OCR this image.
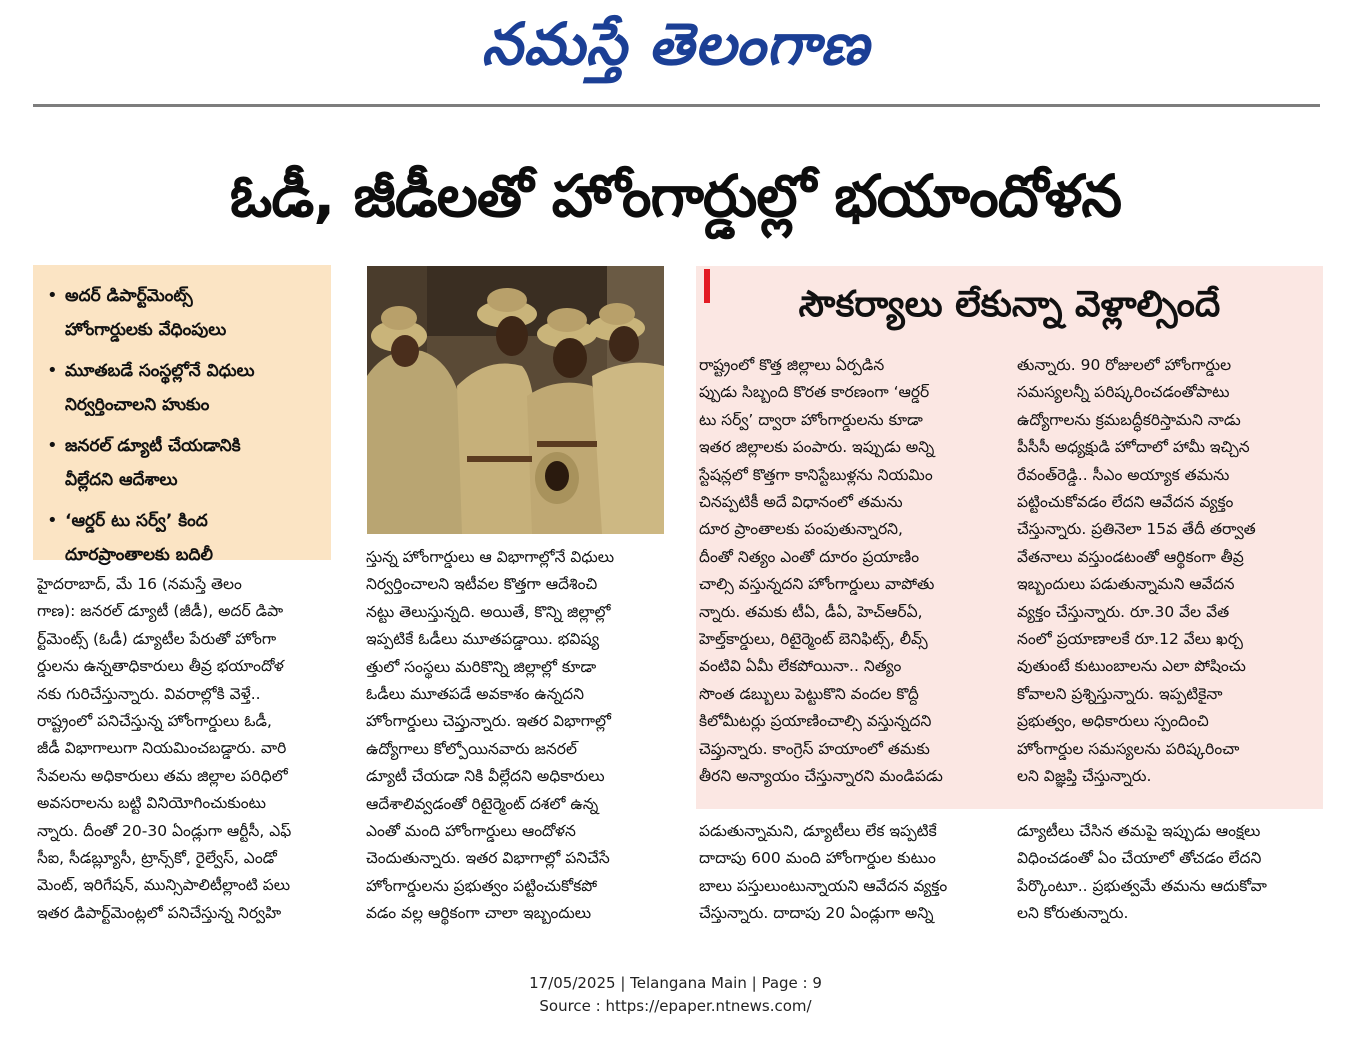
నమస్తే తెలంగాణ
ఓడీ, జీడీలతో హోంగార్డుల్లో భయాందోళన
• అదర్ డిపార్ట్‌మెంట్స్
హోంగార్డులకు వేధింపులు
• మూతబడే సంస్థల్లోనే విధులు
నిర్వర్తించాలని హుకుం
• జనరల్ డ్యూటీ చేయడానికి
వీల్లేదని ఆదేశాలు
• ‘ఆర్డర్ టు సర్వ్’ కింద
దూరప్రాంతాలకు బదిలీ
సౌకర్యాలు లేకున్నా వెళ్లాల్సిందే
హైదరాబాద్, మే 16 (నమస్తే తెలం
గాణ): జనరల్ డ్యూటీ (జీడీ), అదర్ డిపా
ర్ట్‌మెంట్స్ (ఓడీ) డ్యూటీల పేరుతో హోంగా
ర్డులను ఉన్నతాధికారులు తీవ్ర భయాందోళ
నకు గురిచేస్తున్నారు. వివరాల్లోకి వెళ్తే..
రాష్ట్రంలో పనిచేస్తున్న హోంగార్డులు ఓడీ,
జీడీ విభాగాలుగా నియమించబడ్డారు. వారి
సేవలను అధికారులు తమ జిల్లాల పరిధిలో
అవసరాలను బట్టి వినియోగించుకుంటు
న్నారు. దీంతో 20-30 ఏండ్లుగా ఆర్టీసీ, ఎఫ్
సీఐ, సీడబ్ల్యూసీ, ట్రాన్స్‌కో, రైల్వేస్, ఎండో
మెంట్, ఇరిగేషన్, మున్సిపాలిటీల్లాంటి పలు
ఇతర డిపార్ట్‌మెంట్లలో పనిచేస్తున్న నిర్వహి
స్తున్న హోంగార్డులు ఆ విభాగాల్లోనే విధులు
నిర్వర్తించాలని ఇటీవల కొత్తగా ఆదేశించి
నట్టు తెలుస్తున్నది. అయితే, కొన్ని జిల్లాల్లో
ఇప్పటికే ఓడీలు మూతపడ్డాయి. భవిష్య
త్తులో సంస్థలు మరికొన్ని జిల్లాల్లో కూడా
ఓడీలు మూతపడే అవకాశం ఉన్నదని
హోంగార్డులు చెప్తున్నారు. ఇతర విభాగాల్లో
ఉద్యోగాలు కోల్పోయినవారు జనరల్
డ్యూటీ చేయడా నికి వీల్లేదని అధికారులు
ఆదేశాలివ్వడంతో రిటైర్మెంట్ దశలో ఉన్న
ఎంతో మంది హోంగార్డులు ఆందోళన
చెందుతున్నారు. ఇతర విభాగాల్లో పనిచేసే
హోంగార్డులను ప్రభుత్వం పట్టించుకోకపో
వడం వల్ల ఆర్థికంగా చాలా ఇబ్బందులు
రాష్ట్రంలో కొత్త జిల్లాలు ఏర్పడిన
ప్పుడు సిబ్బంది కొరత కారణంగా ‘ఆర్డర్
టు సర్వ్’ ద్వారా హోంగార్డులను కూడా
ఇతర జిల్లాలకు పంపారు. ఇప్పుడు అన్ని
స్టేషన్లలో కొత్తగా కానిస్టేబుళ్లను నియమిం
చినప్పటికీ అదే విధానంలో తమను
దూర ప్రాంతాలకు పంపుతున్నారని,
దీంతో నిత్యం ఎంతో దూరం ప్రయాణిం
చాల్సి వస్తున్నదని హోంగార్డులు వాపోతు
న్నారు. తమకు టీఏ, డీఏ, హెచ్‌ఆర్‌ఏ,
హెల్త్‌కార్డులు, రిటైర్మెంట్ బెనిఫిట్స్, లీవ్స్
వంటివి ఏమీ లేకపోయినా.. నిత్యం
సొంత డబ్బులు పెట్టుకొని వందల కొద్దీ
కిలోమీటర్లు ప్రయాణించాల్సి వస్తున్నదని
చెప్తున్నారు. కాంగ్రెస్ హయాంలో తమకు
తీరని అన్యాయం చేస్తున్నారని మండిపడు
తున్నారు. 90 రోజులలో హోంగార్డుల
సమస్యలన్నీ పరిష్కరించడంతోపాటు
ఉద్యోగాలను క్రమబద్ధీకరిస్తామని నాడు
పీసీసీ అధ్యక్షుడి హోదాలో హామీ ఇచ్చిన
రేవంత్‌రెడ్డి.. సీఎం అయ్యాక తమను
పట్టించుకోవడం లేదని ఆవేదన వ్యక్తం
చేస్తున్నారు. ప్రతినెలా 15వ తేదీ తర్వాత
వేతనాలు వస్తుండటంతో ఆర్థికంగా తీవ్ర
ఇబ్బందులు పడుతున్నామని ఆవేదన
వ్యక్తం చేస్తున్నారు. రూ.30 వేల వేత
నంలో ప్రయాణాలకే రూ.12 వేలు ఖర్చ
వుతుంటే కుటుంబాలను ఎలా పోషించు
కోవాలని ప్రశ్నిస్తున్నారు. ఇప్పటికైనా
ప్రభుత్వం, అధికారులు స్పందించి
హోంగార్డుల సమస్యలను పరిష్కరించా
లని విజ్ఞప్తి చేస్తున్నారు.
పడుతున్నామని, డ్యూటీలు లేక ఇప్పటికే
దాదాపు 600 మంది హోంగార్డుల కుటుం
బాలు పస్తులుంటున్నాయని ఆవేదన వ్యక్తం
చేస్తున్నారు. దాదాపు 20 ఏండ్లుగా అన్ని
డ్యూటీలు చేసిన తమపై ఇప్పుడు ఆంక్షలు
విధించడంతో ఏం చేయాలో తోచడం లేదని
పేర్కొంటూ.. ప్రభుత్వమే తమను ఆదుకోవా
లని కోరుతున్నారు.
17/05/2025 | Telangana Main | Page : 9
Source : https://epaper.ntnews.com/
